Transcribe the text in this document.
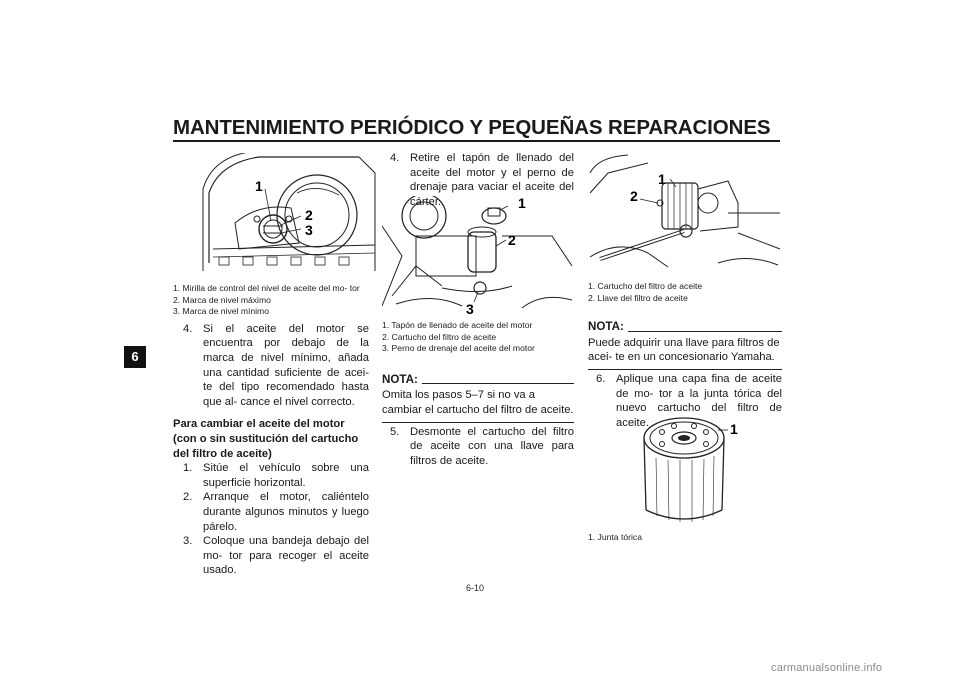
MANTENIMIENTO PERIÓDICO Y PEQUEÑAS REPARACIONES
6
1
2
3
1. Mirilla de control del nivel de aceite del mo- tor
2. Marca de nivel máximo
3. Marca de nivel mínimo
4. Si el aceite del motor se encuentra por debajo de la marca de nivel mínimo, añada una cantidad suficiente de acei- te del tipo recomendado hasta que al- cance el nivel correcto.
Para cambiar el aceite del motor (con o sin sustitución del cartucho del filtro de aceite)
1. Sitúe el vehículo sobre una superficie horizontal.
2. Arranque el motor, caliéntelo durante algunos minutos y luego párelo.
3. Coloque una bandeja debajo del mo- tor para recoger el aceite usado.
4. Retire el tapón de llenado del aceite del motor y el perno de drenaje para vaciar el aceite del cárter.	1
2
3
1. Tapón de llenado de aceite del motor
2. Cartucho del filtro de aceite
3. Perno de drenaje del aceite del motor
NOTA:
Omita los pasos 5–7 si no va a cambiar el cartucho del filtro de aceite.
5. Desmonte el cartucho del filtro de aceite con una llave para filtros de aceite.
1
2
1. Cartucho del filtro de aceite
2. Llave del filtro de aceite
NOTA:
Puede adquirir una llave para filtros de acei- te en un concesionario Yamaha.
6. Aplique una capa fina de aceite de mo- tor a la junta tórica del nuevo cartucho del filtro de aceite.	1
1. Junta tórica
6-10
carmanualsonline.info
